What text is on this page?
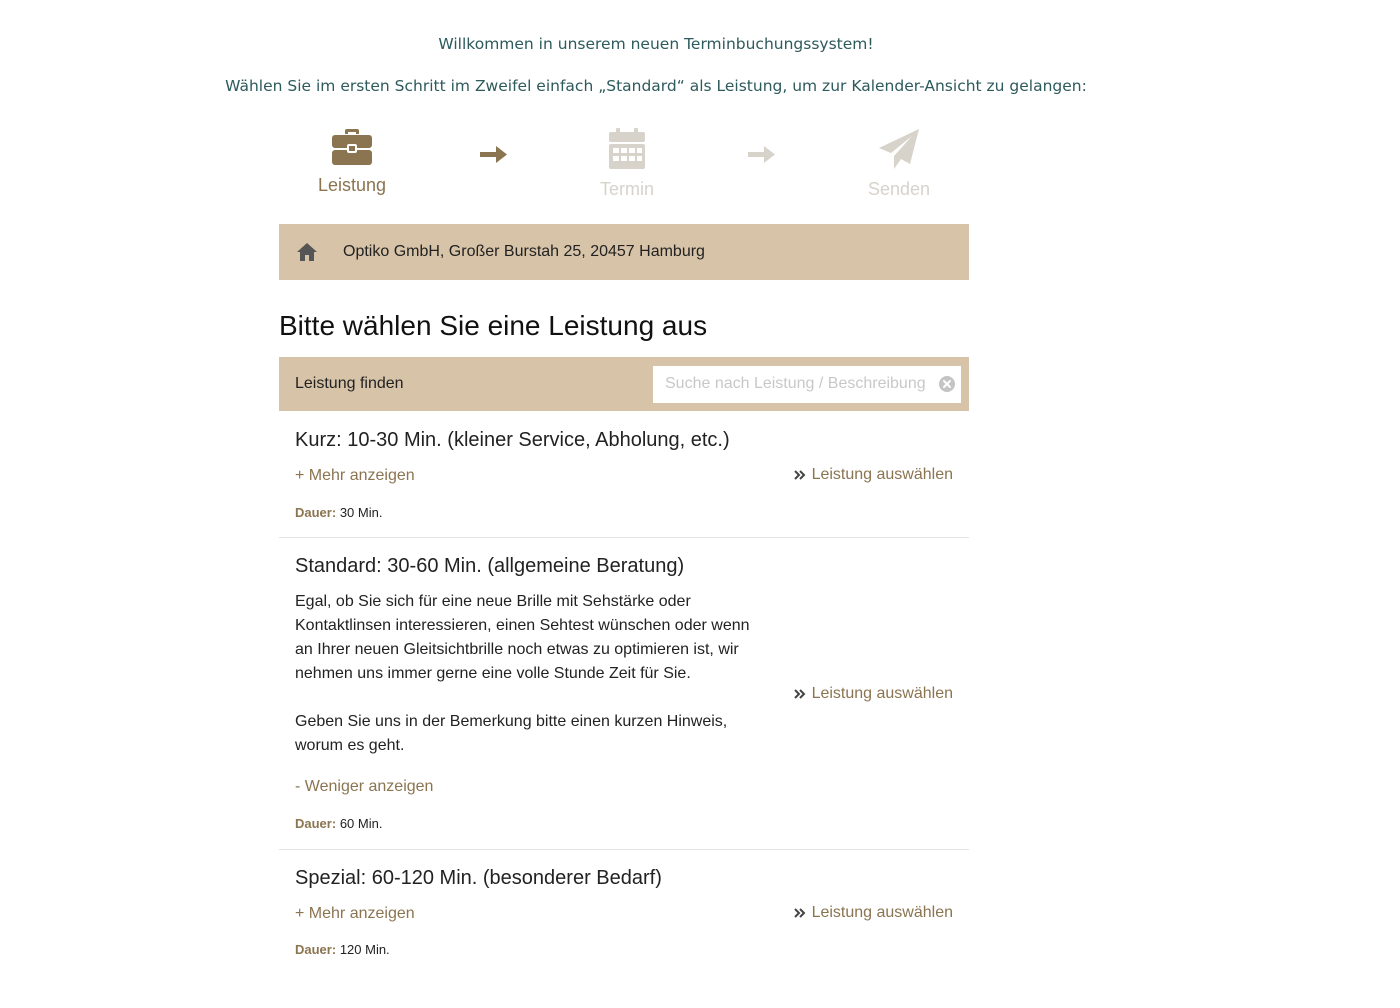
Willkommen in unserem neuen Terminbuchungssystem!
Wählen Sie im ersten Schritt im Zweifel einfach „Standard“ als Leistung, um zur Kalender-Ansicht zu gelangen:
Leistung	Termin	Senden
Optiko GmbH, Großer Burstah 25, 20457 Hamburg
Bitte wählen Sie eine Leistung aus
Leistung finden
Suche nach Leistung / Beschreibung
Kurz: 10-30 Min. (kleiner Service, Abholung, etc.)
+ Mehr anzeigen	Leistung auswählen
Dauer: 30 Min.
Standard: 30-60 Min. (allgemeine Beratung)

Egal, ob Sie sich für eine neue Brille mit Sehstärke oder Kontaktlinsen interessieren, einen Sehtest wünschen oder wenn an Ihrer neuen Gleitsichtbrille noch etwas zu optimieren ist, wir nehmen uns immer gerne eine volle Stunde Zeit für Sie.

Geben Sie uns in der Bemerkung bitte einen kurzen Hinweis, worum es geht.

Leistung auswählen
- Weniger anzeigen
Dauer: 60 Min.
Spezial: 60-120 Min. (besonderer Bedarf)
+ Mehr anzeigen	Leistung auswählen
Dauer: 120 Min.
